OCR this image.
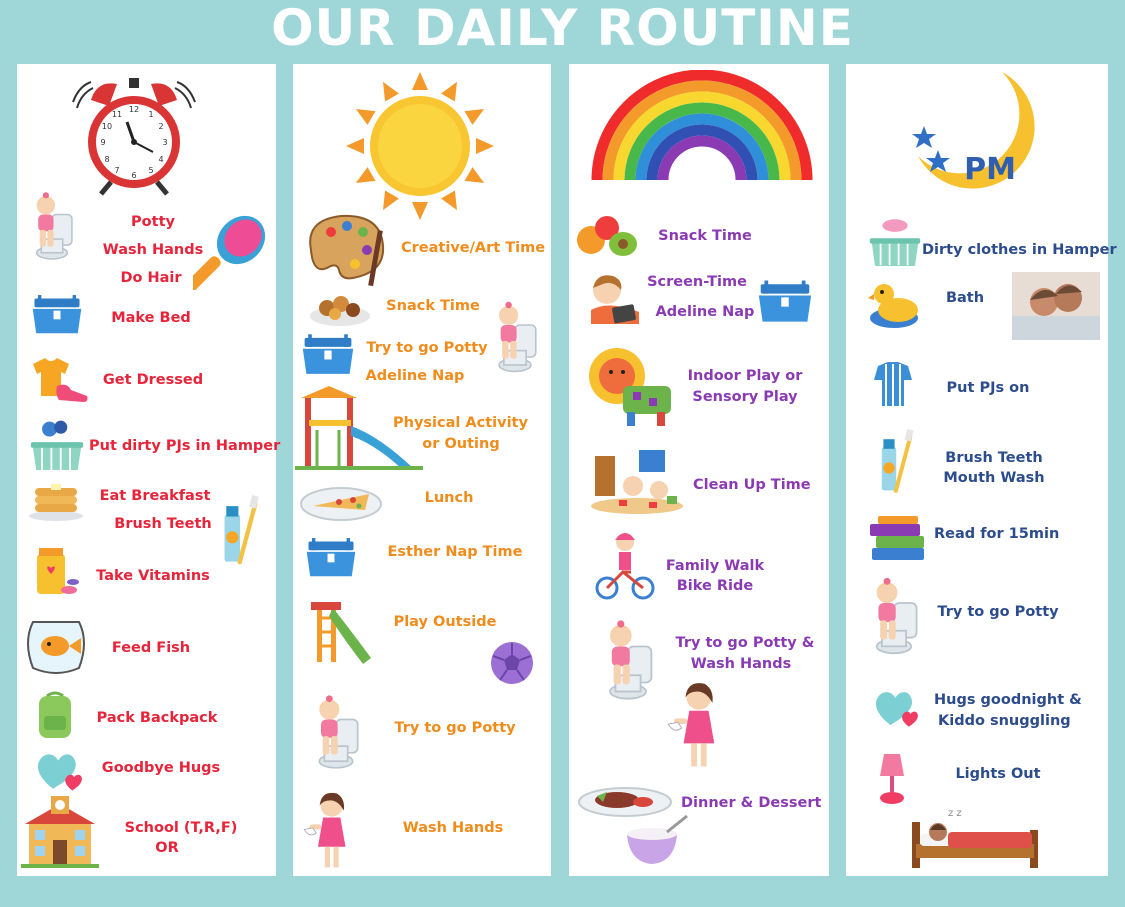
OUR DAILY ROUTINE
12
3
6
9
1
2
4
5
7
8
10
11
Potty
Wash Hands
Do Hair
Make Bed
Get Dressed
Put dirty PJs in Hamper
Eat Breakfast
Brush Teeth
Take Vitamins
Feed Fish
Pack Backpack
Goodbye Hugs
School (T,R,F)
OR
Creative/Art Time
Snack Time
Try to go Potty
Adeline Nap
Physical Activity
or Outing
Lunch
Esther Nap Time
Play Outside
Try to go Potty
Wash Hands
Snack Time
Screen-Time
Adeline Nap
Indoor Play or
Sensory Play
Clean Up Time
Family Walk
Bike Ride
Try to go Potty &
Wash Hands
Dinner & Dessert
PM
Dirty clothes in Hamper
Bath
Put PJs on
Brush Teeth
Mouth Wash
Read for 15min
Try to go Potty
Hugs goodnight &
Kiddo snuggling
Lights Out
z z
